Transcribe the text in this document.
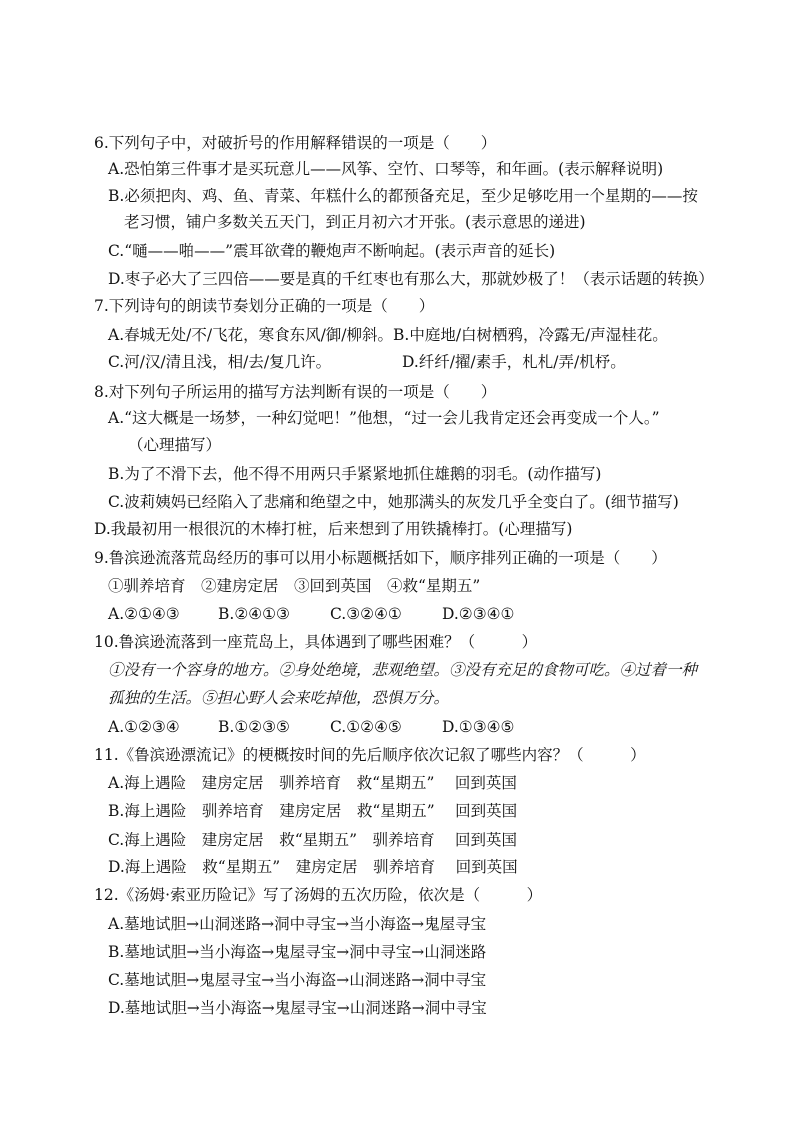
6.下列句子中，对破折号的作用解释错误的一项是（　　）
A.恐怕第三件事才是买玩意儿——风筝、空竹、口琴等，和年画。(表示解释说明)
B.必须把肉、鸡、鱼、青菜、年糕什么的都预备充足，至少足够吃用一个星期的——按
老习惯，铺户多数关五天门，到正月初六才开张。(表示意思的递进)
C.“嗵——啪——”震耳欲聋的鞭炮声不断响起。(表示声音的延长)
D.枣子必大了三四倍——要是真的千红枣也有那么大，那就妙极了！（表示话题的转换）
7.下列诗句的朗读节奏划分正确的一项是（　　）
A.春城无处/不/飞花，寒食东风/御/柳斜。B.中庭地/白树栖鸦，冷露无/声湿桂花。
C.河/汉/清且浅，相/去/复几许。	D.纤纤/擢/素手，札札/弄/机杼。
8.对下列句子所运用的描写方法判断有误的一项是（　　）
A.“这大概是一场梦，一种幻觉吧！”他想，“过一会儿我肯定还会再变成一个人。”
（心理描写）
B.为了不滑下去，他不得不用两只手紧紧地抓住雄鹅的羽毛。(动作描写)
C.波莉姨妈已经陷入了悲痛和绝望之中，她那满头的灰发几乎全变白了。(细节描写)
D.我最初用一根很沉的木棒打桩，后来想到了用铁撬棒打。(心理描写)
9.鲁滨逊流落荒岛经历的事可以用小标题概括如下，顺序排列正确的一项是（　　）
①驯养培育　②建房定居　③回到英国　④救“星期五”
A.②①④③ B.②④①③	C.③②④①	D.②③④①
10.鲁滨逊流落到一座荒岛上，具体遇到了哪些困难？（　　　）
①没有一个容身的地方。②身处绝境，悲观绝望。③没有充足的食物可吃。④过着一种
孤独的生活。⑤担心野人会来吃掉他，恐惧万分。
A.①②③④ B.①②③⑤	C.①②④⑤	D.①③④⑤
11.《鲁滨逊漂流记》的梗概按时间的先后顺序依次记叙了哪些内容？（　　　）
A.海上遇险　建房定居　驯养培育　救“星期五”　 回到英国
B.海上遇险　驯养培育　建房定居　救“星期五”　 回到英国
C.海上遇险　建房定居　救“星期五”　驯养培育　 回到英国
D.海上遇险　救“星期五”　建房定居　驯养培育　 回到英国
12.《汤姆·索亚历险记》写了汤姆的五次历险，依次是（　　　）
A.墓地试胆→山洞迷路→洞中寻宝→当小海盗→鬼屋寻宝
B.墓地试胆→当小海盗→鬼屋寻宝→洞中寻宝→山洞迷路
C.墓地试胆→鬼屋寻宝→当小海盗→山洞迷路→洞中寻宝
D.墓地试胆→当小海盗→鬼屋寻宝→山洞迷路→洞中寻宝
